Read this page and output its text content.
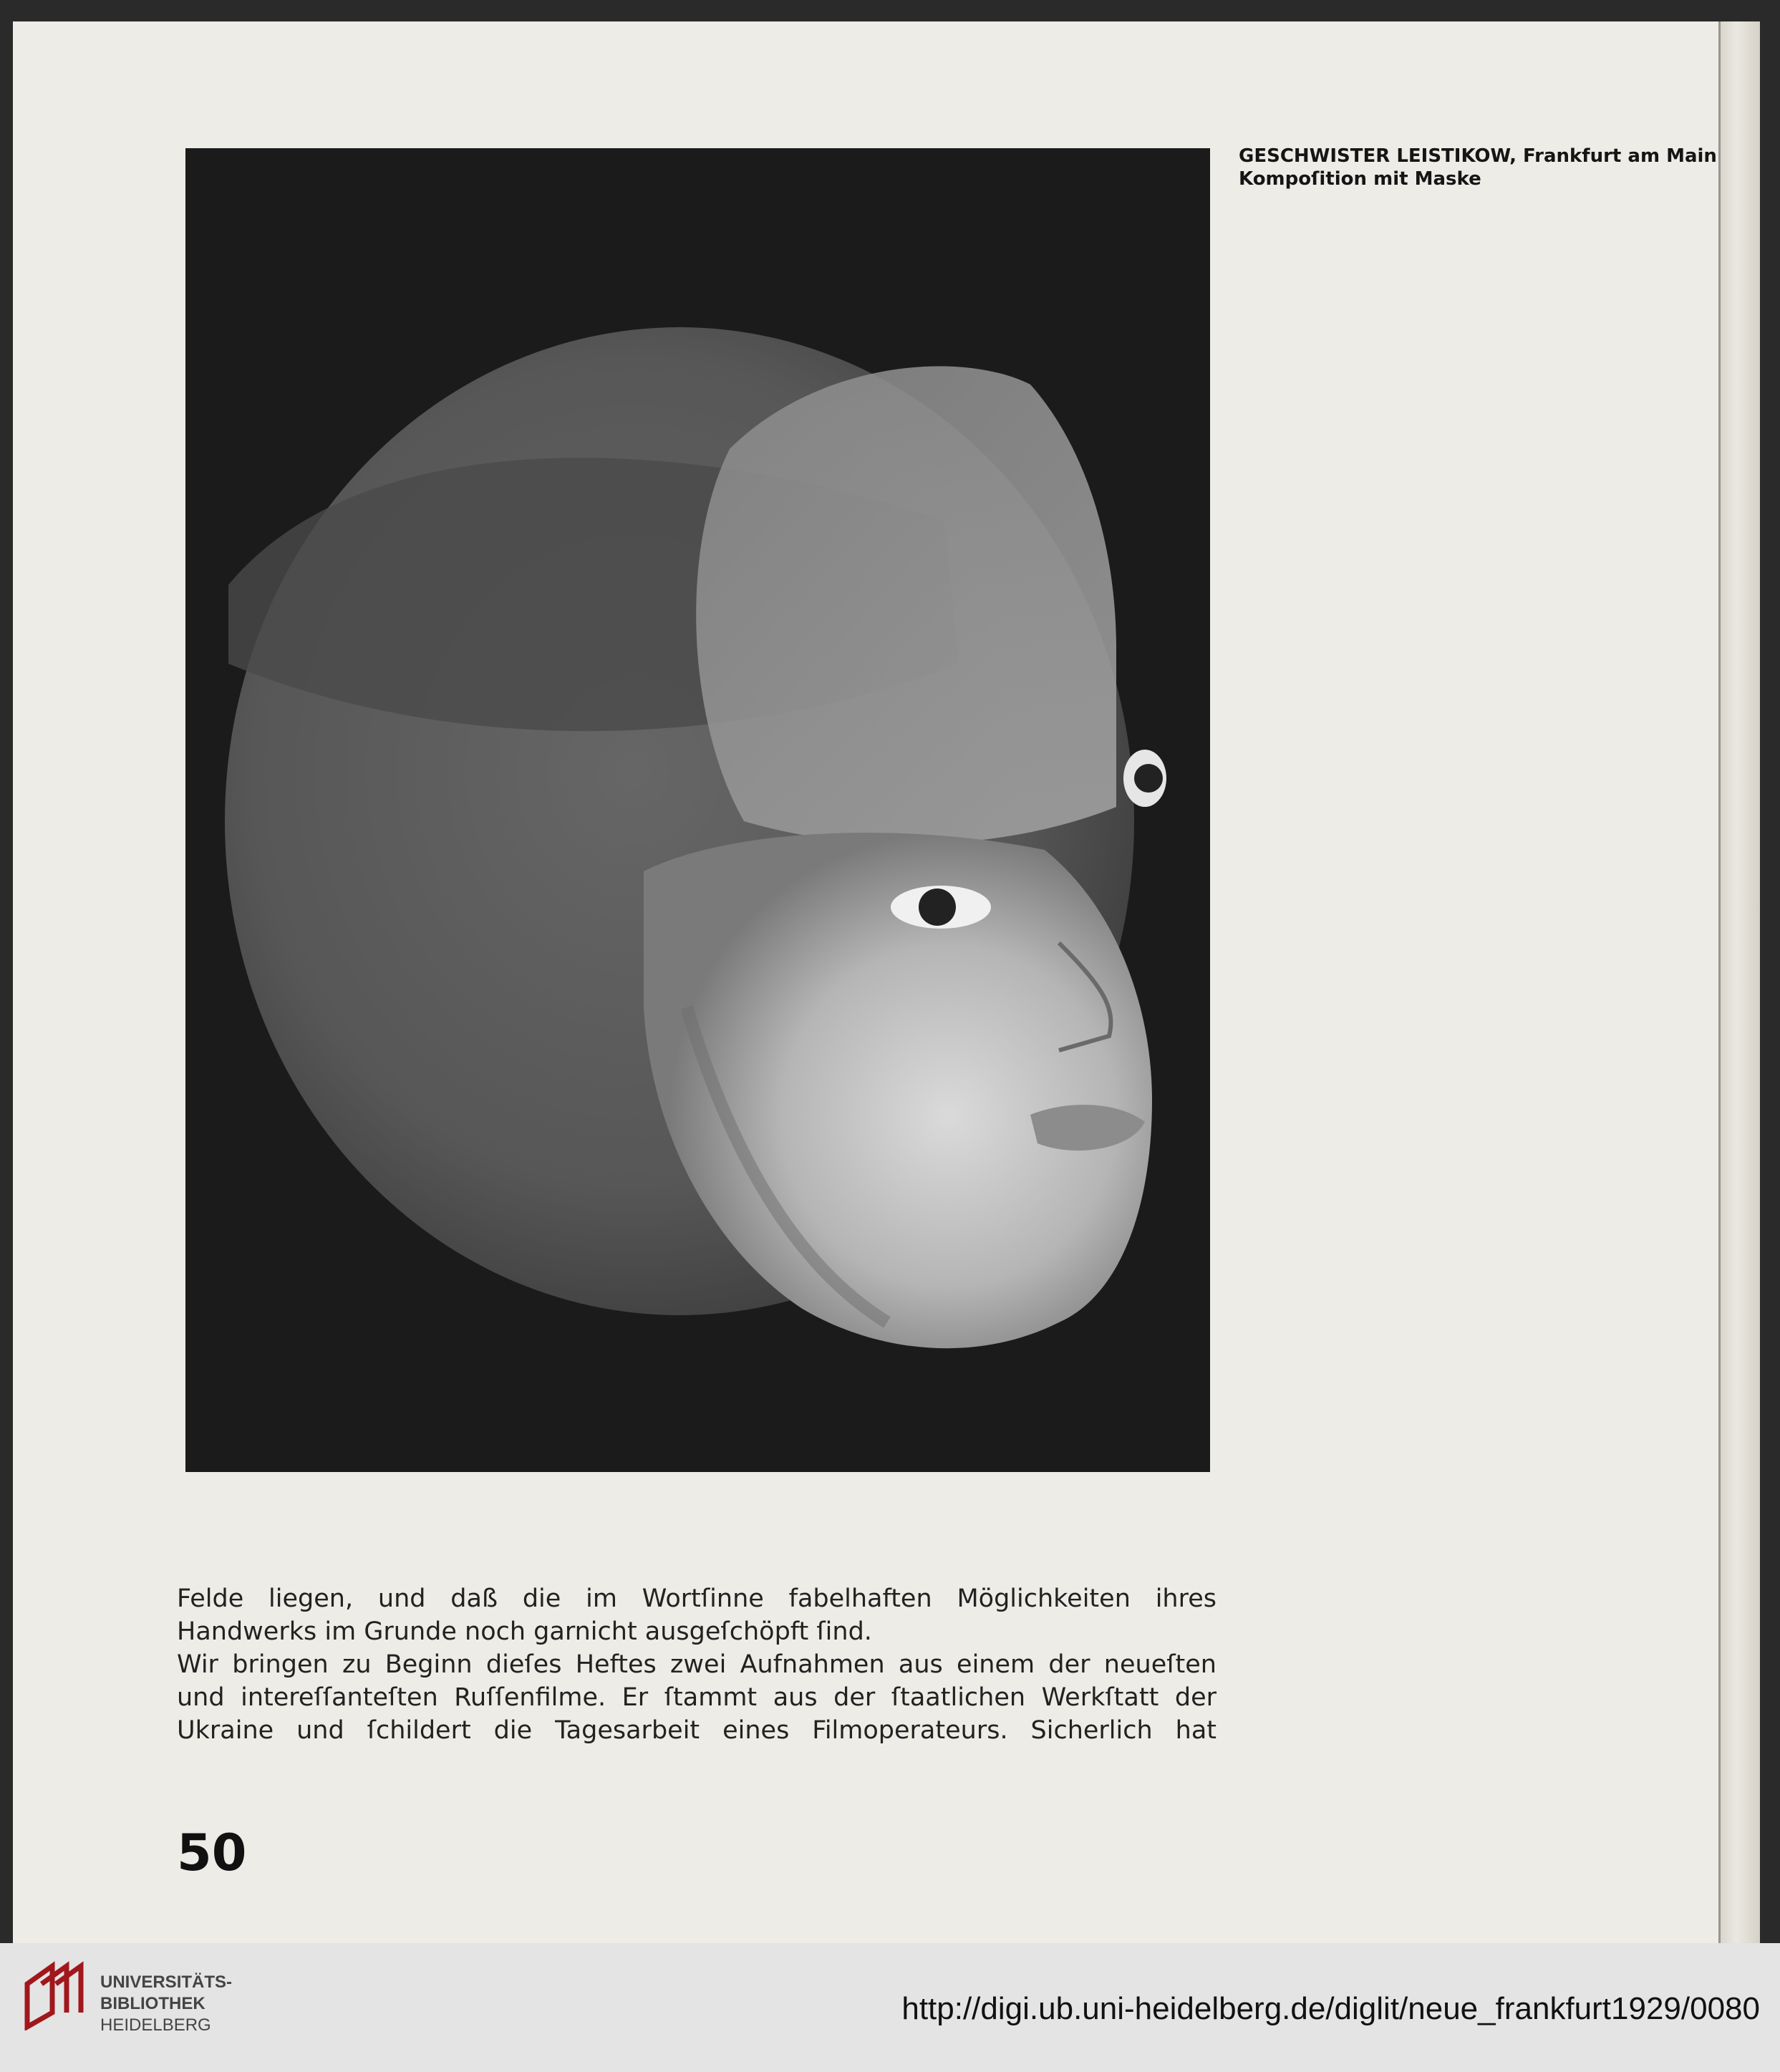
GESCHWISTER LEISTIKOW, Frankfurt am Main
Kompoſition mit Maske
Felde liegen, und daß die im Wortſinne fabelhaften Möglichkeiten ihres
Handwerks im Grunde noch garnicht ausgeſchöpft ſind.
Wir bringen zu Beginn dieſes Heftes zwei Aufnahmen aus einem der neueſten
und intereſſanteſten Ruſſenfilme. Er ſtammt aus der ſtaatlichen Werkſtatt der
Ukraine und ſchildert die Tagesarbeit eines Filmoperateurs. Sicherlich hat
50
UNIVERSITÄTS-
BIBLIOTHEK
HEIDELBERG	http://digi.ub.uni-heidelberg.de/diglit/neue_frankfurt1929/0080
